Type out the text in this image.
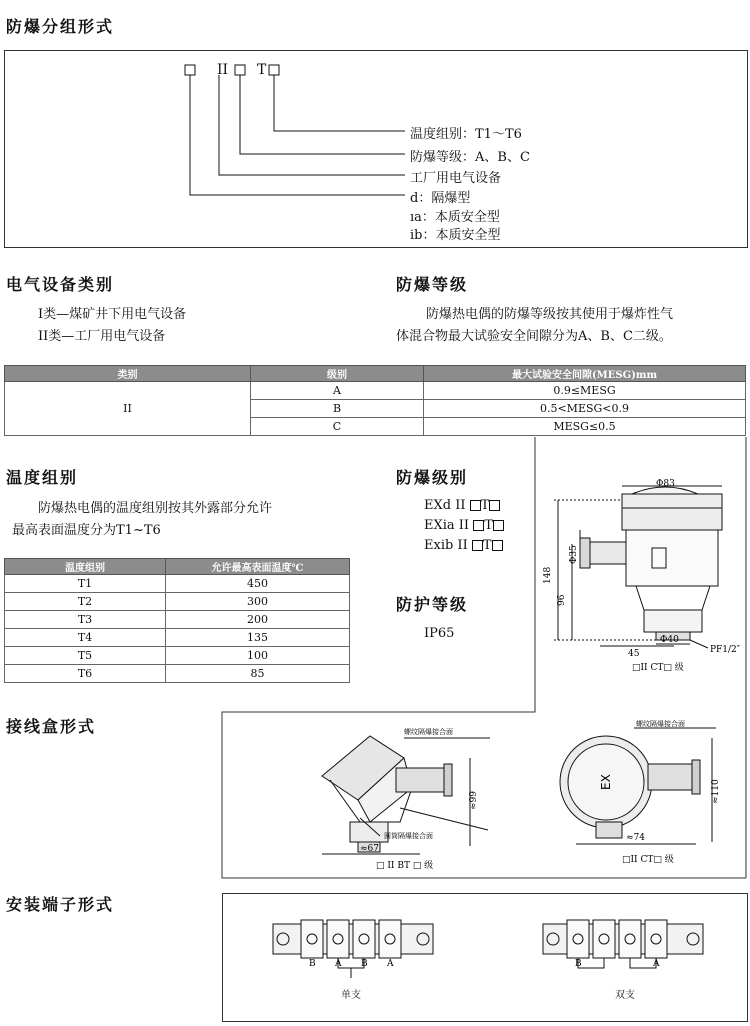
防爆分组形式
II T
温度组别：T1～T6
防爆等级：A、B、C
工厂用电气设备
d：隔爆型
ıa：本质安全型
ib：本质安全型
电气设备类别
I类—煤矿井下用电气设备
II类—工厂用电气设备
防爆等级
防爆热电偶的防爆等级按其使用于爆炸性气
体混合物最大试验安全间隙分为A、B、C二级。
类别	级别	最大试验安全间隙(MESG)mm
II	A	0.9≤MESG
	B	0.5<MESG<0.9
	C	MESG≤0.5
温度组别
防爆热电偶的温度组别按其外露部分允许
最高表面温度分为T1~T6
温度组别	允许最高表面温度℃
T1	450
T2	300
T3	200
T4	135
T5	100
T6	85
防爆级别
EXd II T
EXia II T
Exib II T
防护等级
IP65
Φ83
148
Φ35
96
Φ40
45	PF1/2″
□II CT□ 级
接线盒形式	螺纹隔爆接合面
圆筒隔爆接合面
≈99
≈67
□ II BT □ 级
螺纹隔爆接合面
EX	≈110
≈74
□II CT□ 级
安装端子形式
B A B A	B	A
单支	双支
